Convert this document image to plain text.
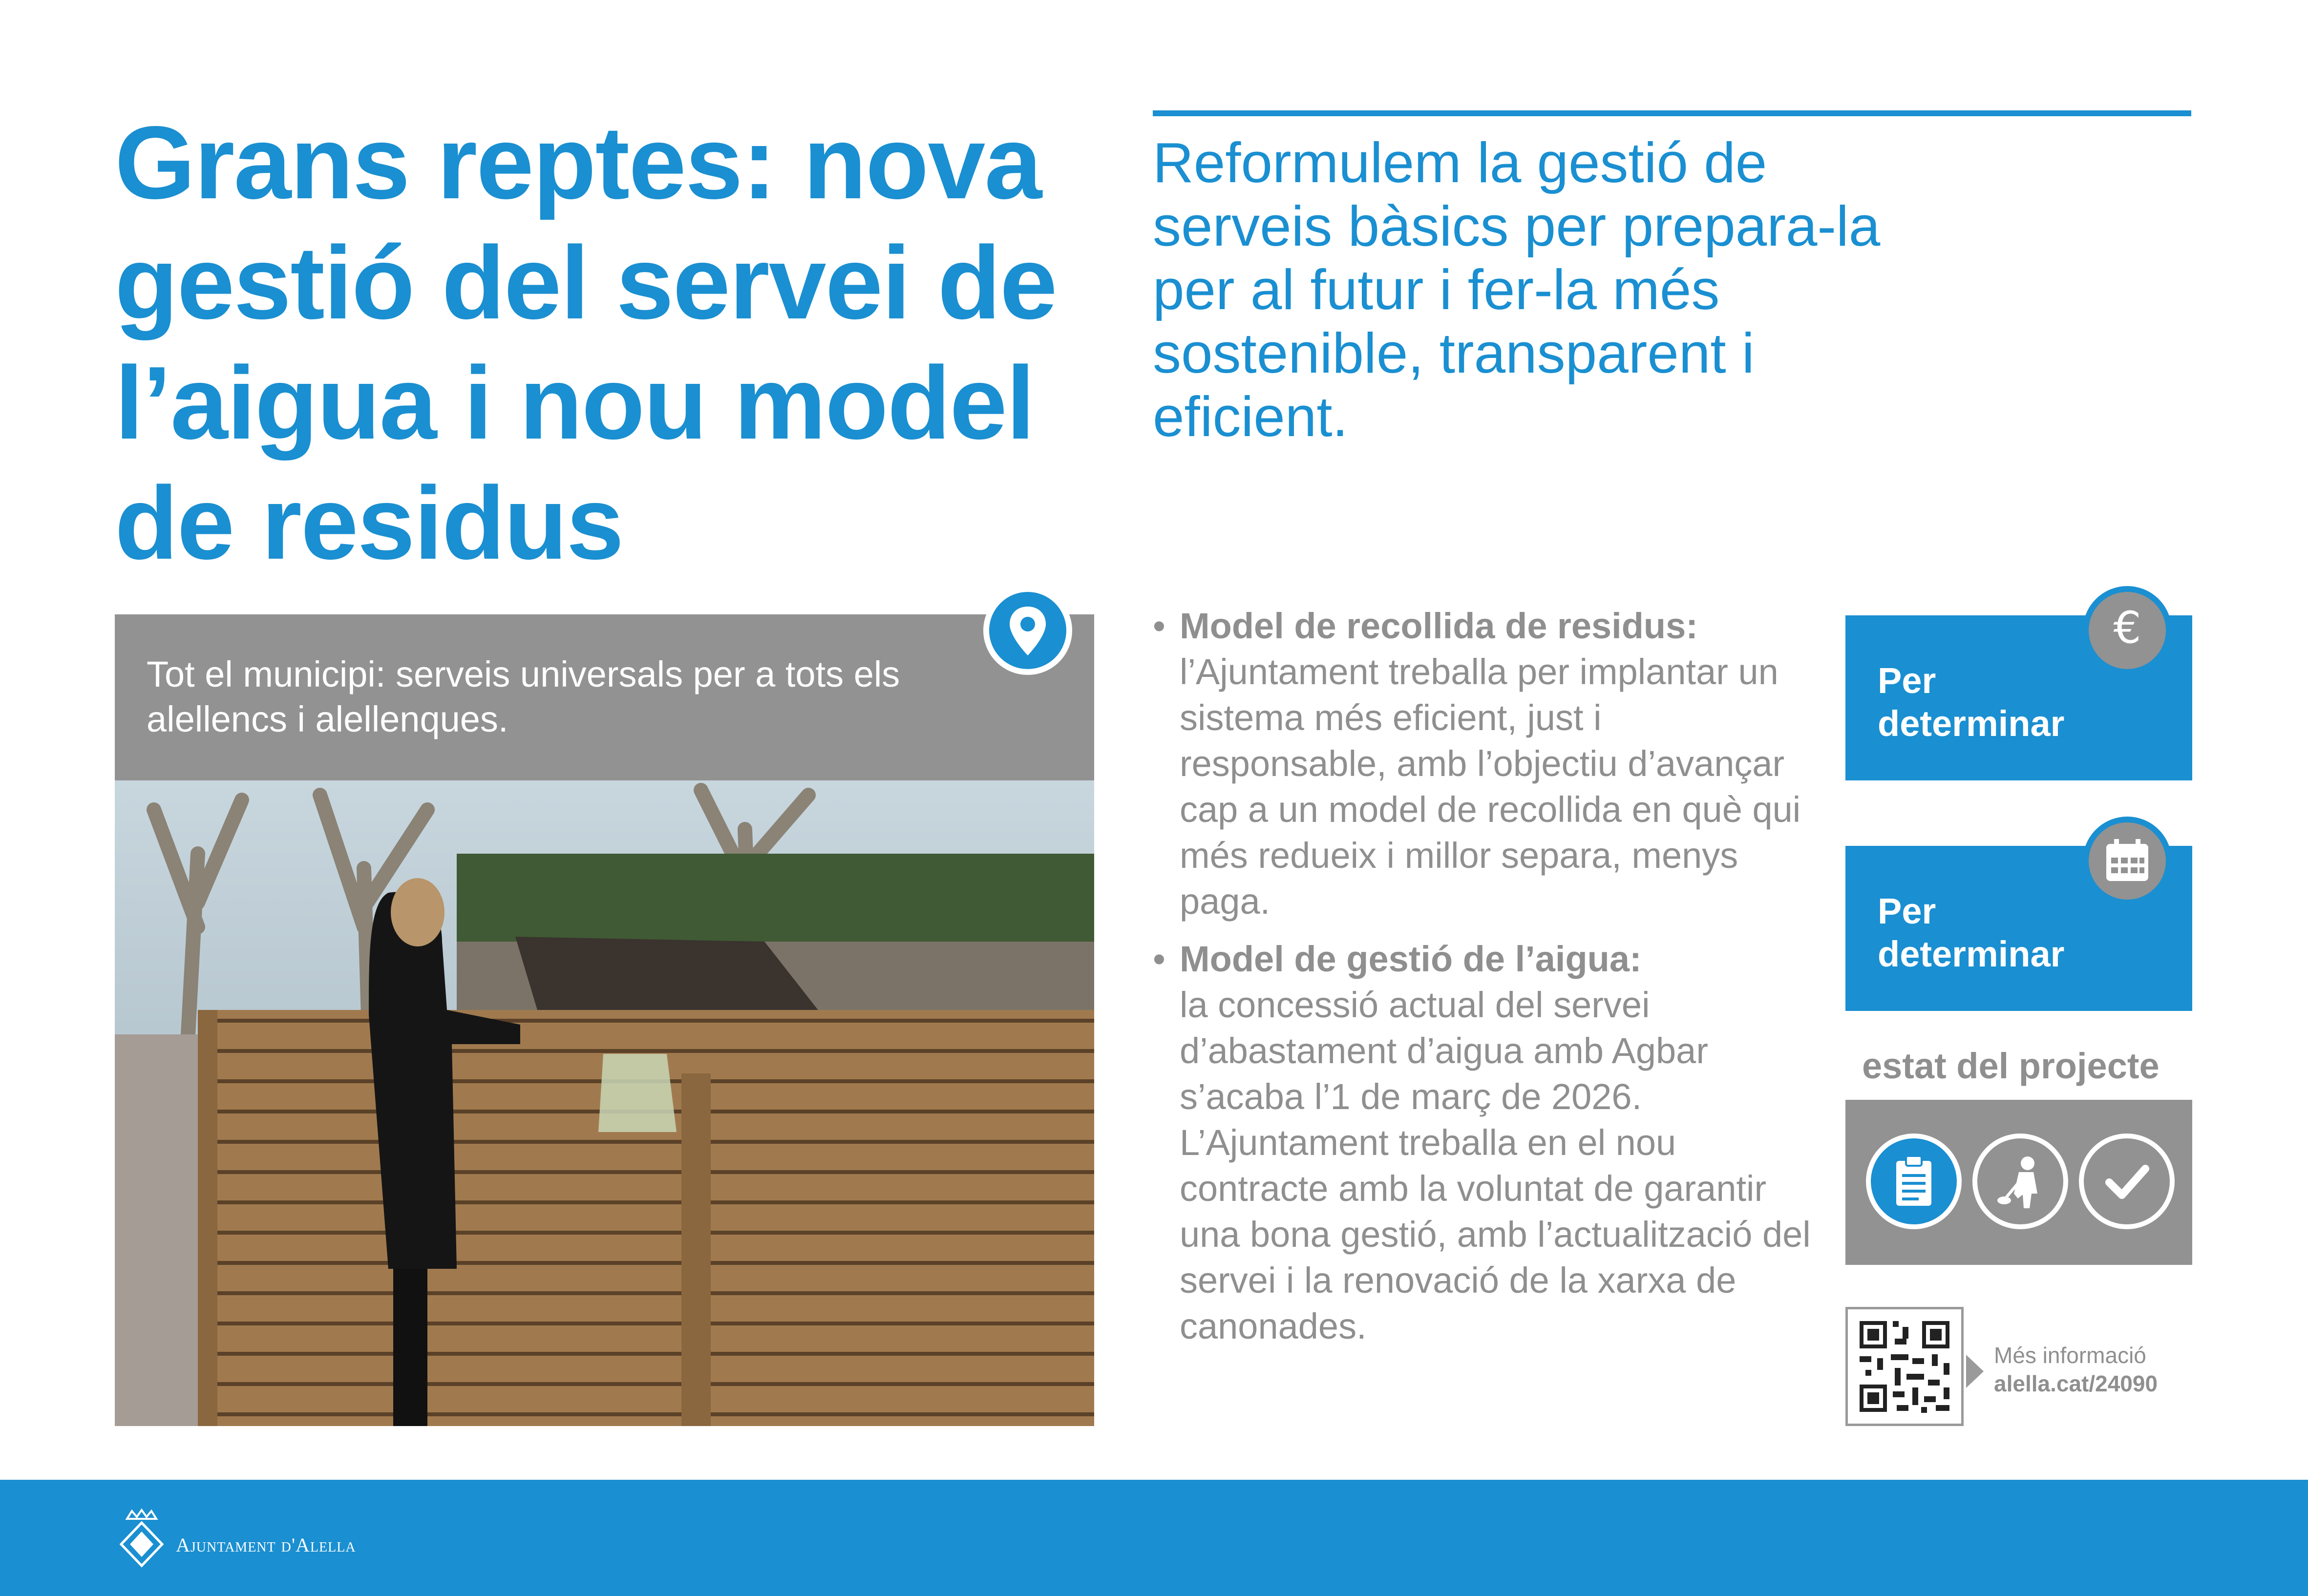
Grans reptes: nova gestió del servei de l’aigua i nou model de residus

Reformulem la gestió de serveis bàsics per prepara-la per al futur i fer-la més sostenible, transparent i eficient.

Tot el municipi: serveis universals per a tots els alellencs i alellenques.
• Model de recollida de residus:
l’Ajuntament treballa per implantar un sistema més eficient, just i responsable, amb l’objectiu d’avançar cap a un model de recollida en què qui més redueix i millor separa, menys paga.
• Model de gestió de l’aigua:
la concessió actual del servei d’abastament d’aigua amb Agbar s’acaba l’1 de març de 2026. L’Ajuntament treballa en el nou contracte amb la voluntat de garantir una bona gestió, amb l’actualització del servei i la renovació de la xarxa de canonades.
Per
determinar
€
Per
determinar
estat del projecte
Més informació
alella.cat/24090
Ajuntament d'Alella
